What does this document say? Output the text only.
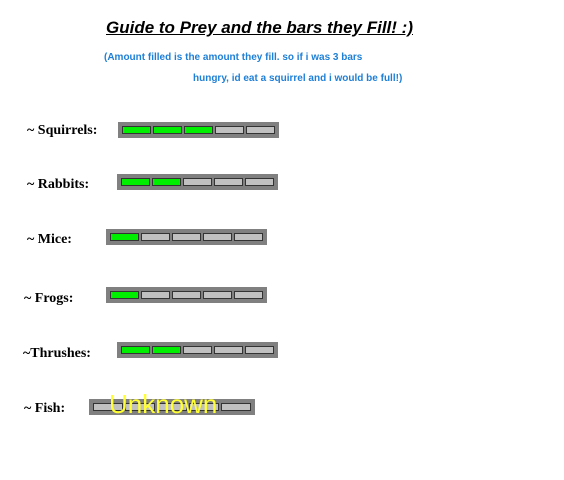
Guide to Prey and the bars they Fill! :)
(Amount filled is the amount they fill. so if i was 3 bars
hungry, id eat a squirrel and i would be full!)
~ Squirrels:
~ Rabbits:
~ Mice:
~ Frogs:
~Thrushes:
~ Fish: Unknown
